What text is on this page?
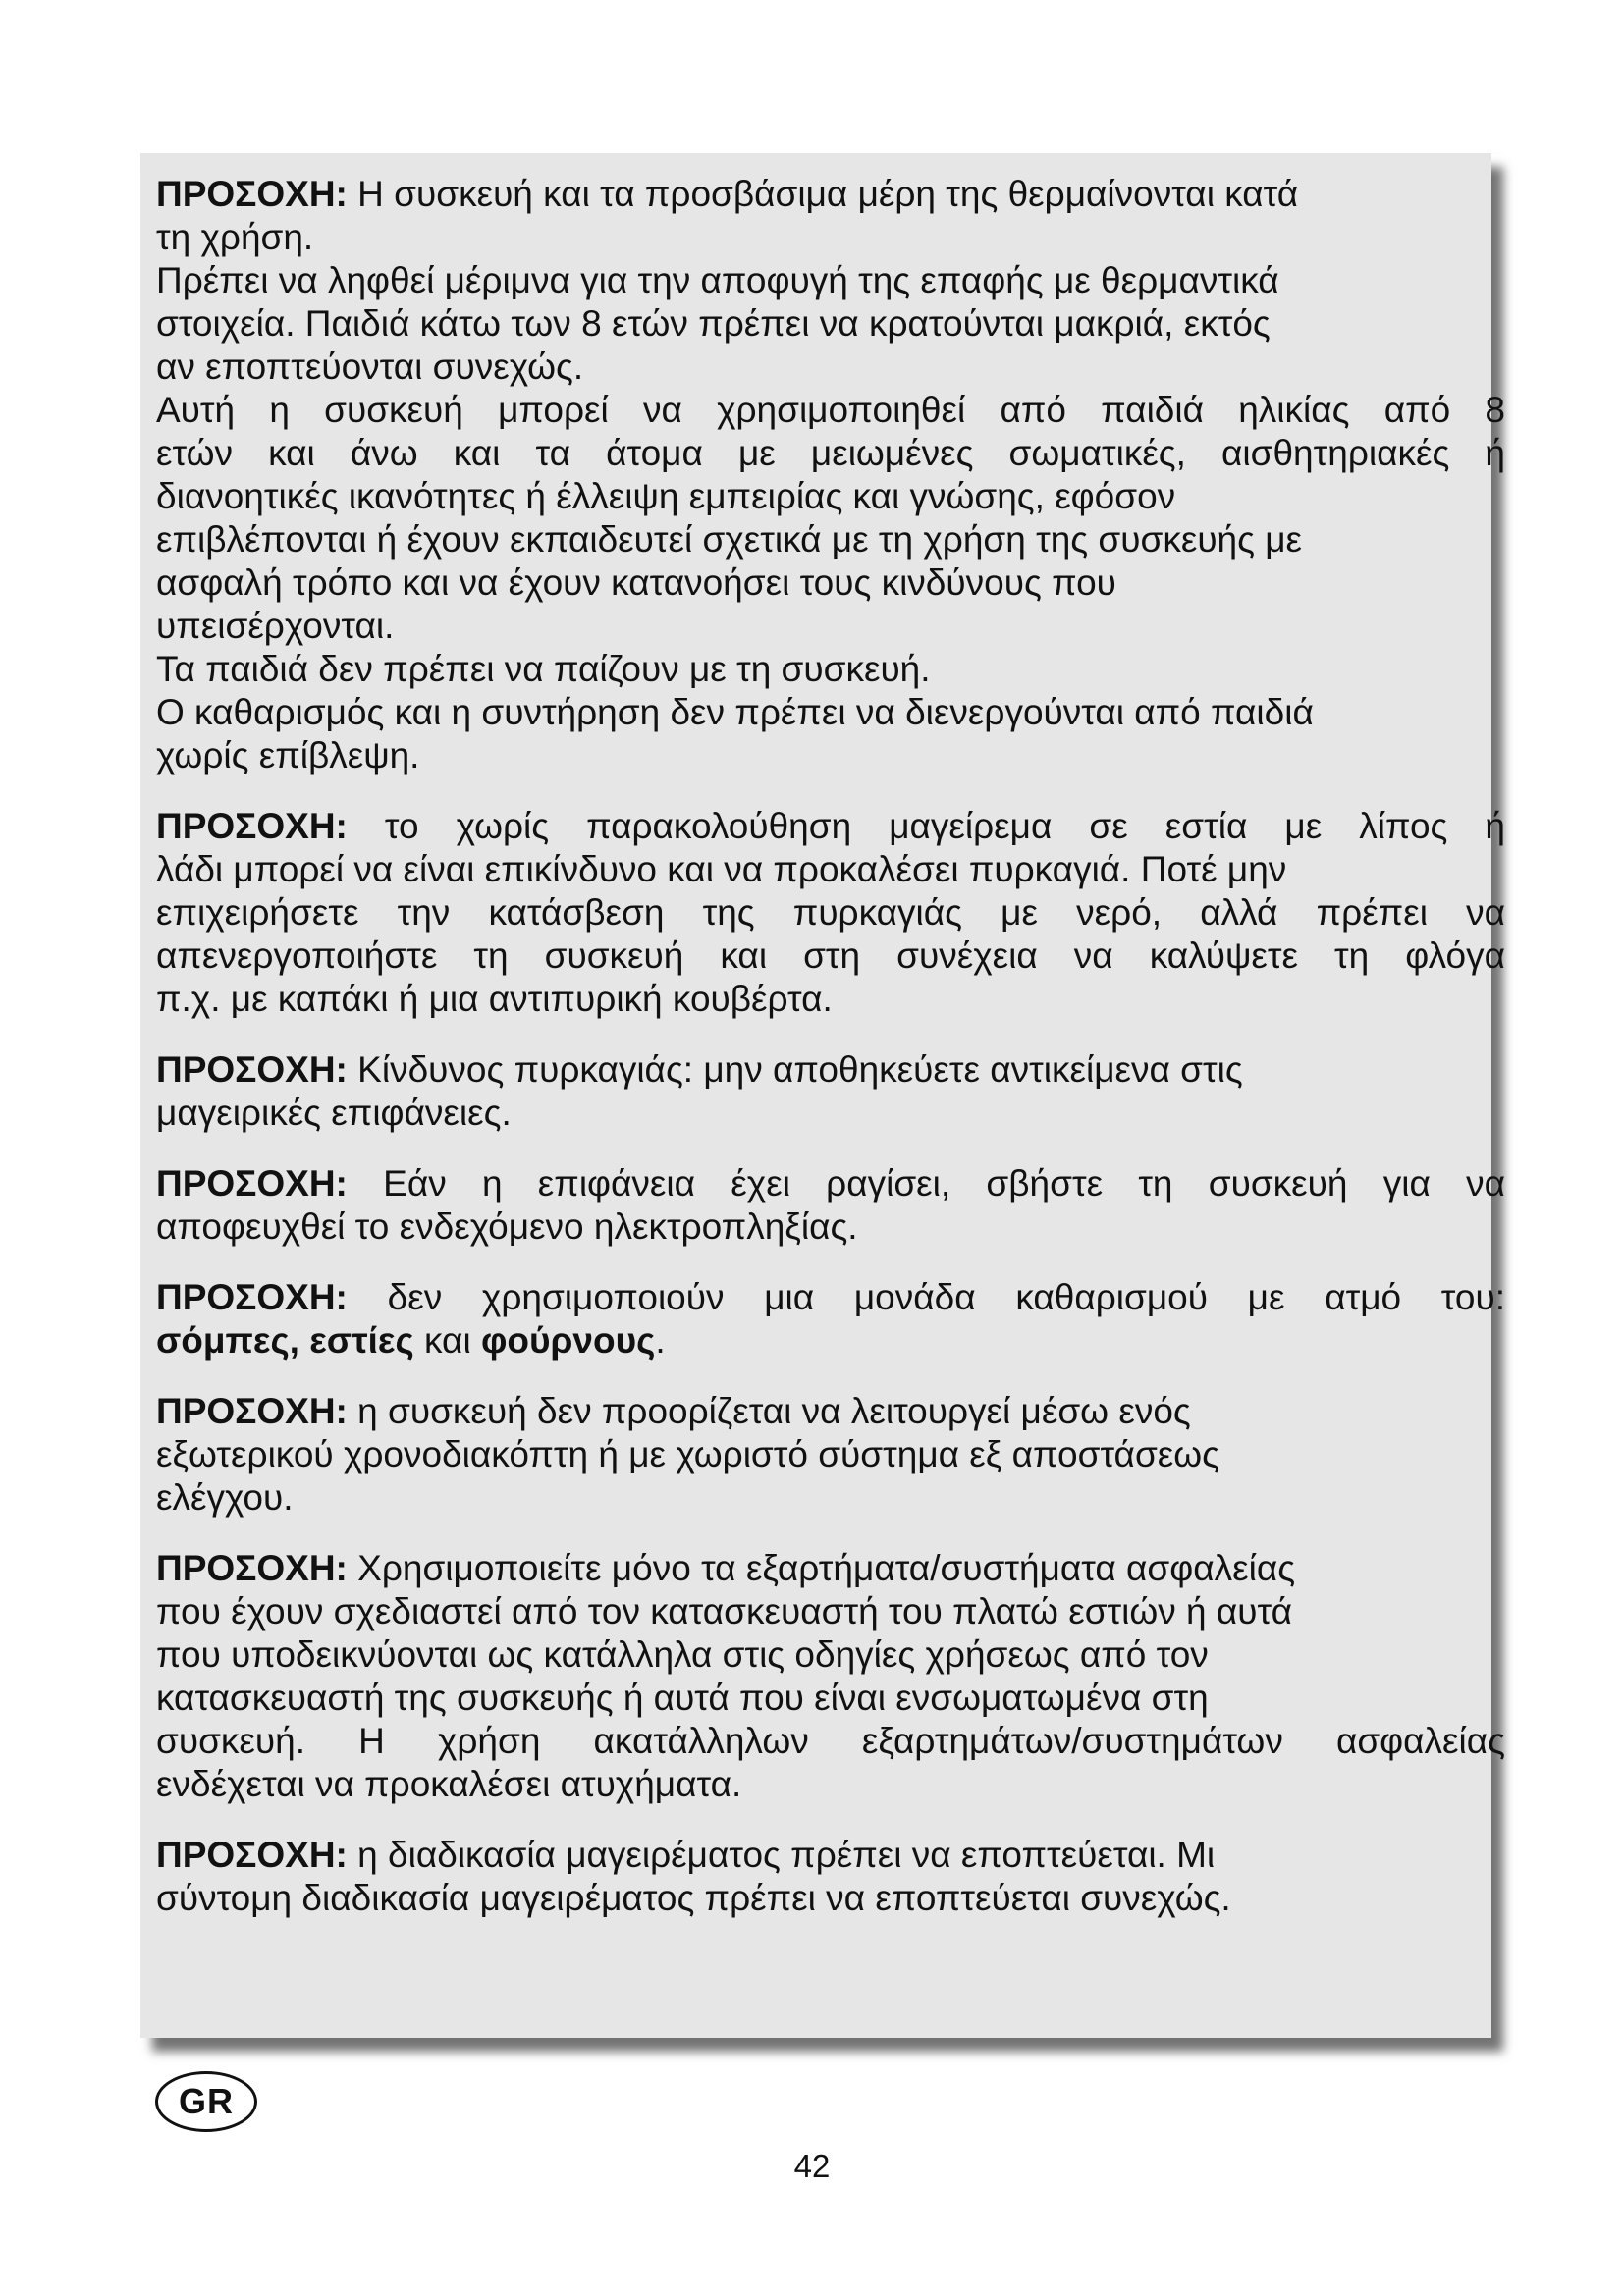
ΠΡΟΣΟΧΗ: Η συσκευή και τα προσβάσιμα μέρη της θερμαίνονται κατά
τη χρήση.
Πρέπει να ληφθεί μέριμνα για την αποφυγή της επαφής με θερμαντικά
στοιχεία. Παιδιά κάτω των 8 ετών πρέπει να κρατούνται μακριά, εκτός
αν εποπτεύονται συνεχώς.
Αυτή η συσκευή μπορεί να χρησιμοποιηθεί από παιδιά ηλικίας από 8
ετών και άνω και τα άτομα με μειωμένες σωματικές, αισθητηριακές ή
διανοητικές ικανότητες ή έλλειψη εμπειρίας και γνώσης, εφόσον
επιβλέπονται ή έχουν εκπαιδευτεί σχετικά με τη χρήση της συσκευής με
ασφαλή τρόπο και να έχουν κατανοήσει τους κινδύνους που
υπεισέρχονται.
Τα παιδιά δεν πρέπει να παίζουν με τη συσκευή.
Ο καθαρισμός και η συντήρηση δεν πρέπει να διενεργούνται από παιδιά
χωρίς επίβλεψη.
ΠΡΟΣΟΧΗ: το χωρίς παρακολούθηση μαγείρεμα σε εστία με λίπος ή
λάδι μπορεί να είναι επικίνδυνο και να προκαλέσει πυρκαγιά. Ποτέ μην
επιχειρήσετε την κατάσβεση της πυρκαγιάς με νερό, αλλά πρέπει να
απενεργοποιήστε τη συσκευή και στη συνέχεια να καλύψετε τη φλόγα
π.χ. με καπάκι ή μια αντιπυρική κουβέρτα.
ΠΡΟΣΟΧΗ: Κίνδυνος πυρκαγιάς: μην αποθηκεύετε αντικείμενα στις
μαγειρικές επιφάνειες.
ΠΡΟΣΟΧΗ: Εάν η επιφάνεια έχει ραγίσει, σβήστε τη συσκευή για να
αποφευχθεί το ενδεχόμενο ηλεκτροπληξίας.
ΠΡΟΣΟΧΗ: δεν χρησιμοποιούν μια μονάδα καθαρισμού με ατμό του:
σόμπες, εστίες και φούρνους.
ΠΡΟΣΟΧΗ: η συσκευή δεν προορίζεται να λειτουργεί μέσω ενός
εξωτερικού χρονοδιακόπτη ή με χωριστό σύστημα εξ αποστάσεως
ελέγχου.
ΠΡΟΣΟΧΗ: Χρησιμοποιείτε μόνο τα εξαρτήματα/συστήματα ασφαλείας
που έχουν σχεδιαστεί από τον κατασκευαστή του πλατώ εστιών ή αυτά
που υποδεικνύονται ως κατάλληλα στις οδηγίες χρήσεως από τον
κατασκευαστή της συσκευής ή αυτά που είναι ενσωματωμένα στη
συσκευή. Η χρήση ακατάλληλων εξαρτημάτων/συστημάτων ασφαλείας
ενδέχεται να προκαλέσει ατυχήματα.
ΠΡΟΣΟΧΗ: η διαδικασία μαγειρέματος πρέπει να εποπτεύεται. Μι
σύντομη διαδικασία μαγειρέματος πρέπει να εποπτεύεται συνεχώς.
GR
42
